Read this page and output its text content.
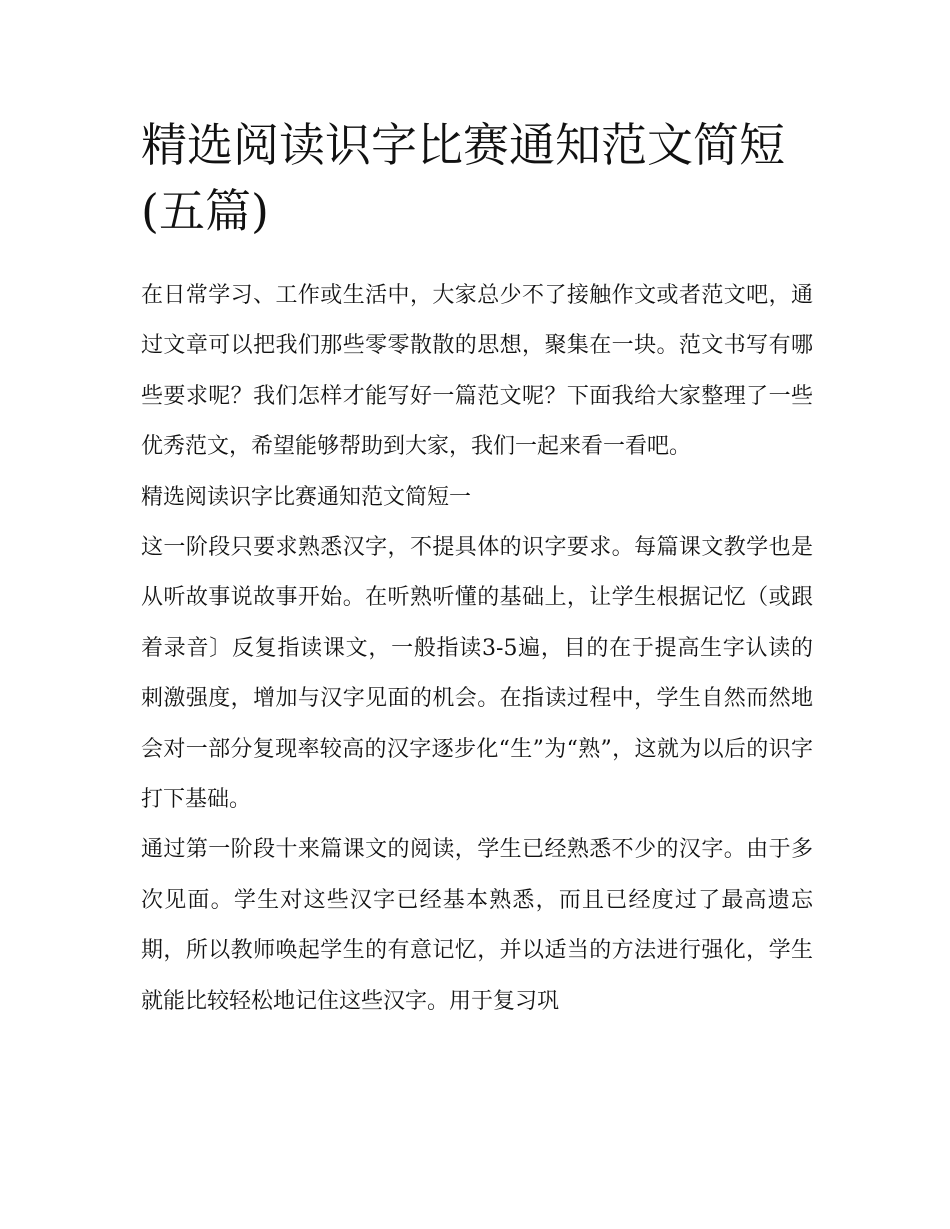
精选阅读识字比赛通知范文简短(五篇)

在日常学习、工作或生活中，大家总少不了接触作文或者范文吧，通过文章可以把我们那些零零散散的思想，聚集在一块。范文书写有哪些要求呢？我们怎样才能写好一篇范文呢？下面我给大家整理了一些优秀范文，希望能够帮助到大家，我们一起来看一看吧。

精选阅读识字比赛通知范文简短一

这一阶段只要求熟悉汉字，不提具体的识字要求。每篇课文教学也是从听故事说故事开始。在听熟听懂的基础上，让学生根据记忆（或跟着录音〕反复指读课文，一般指读3-5遍，目的在于提高生字认读的刺激强度，增加与汉字见面的机会。在指读过程中，学生自然而然地会对一部分复现率较高的汉字逐步化“生”为“熟”，这就为以后的识字打下基础。

通过第一阶段十来篇课文的阅读，学生已经熟悉不少的汉字。由于多次见面。学生对这些汉字已经基本熟悉，而且已经度过了最高遗忘期，所以教师唤起学生的有意记忆，并以适当的方法进行强化，学生就能比较轻松地记住这些汉字。用于复习巩
